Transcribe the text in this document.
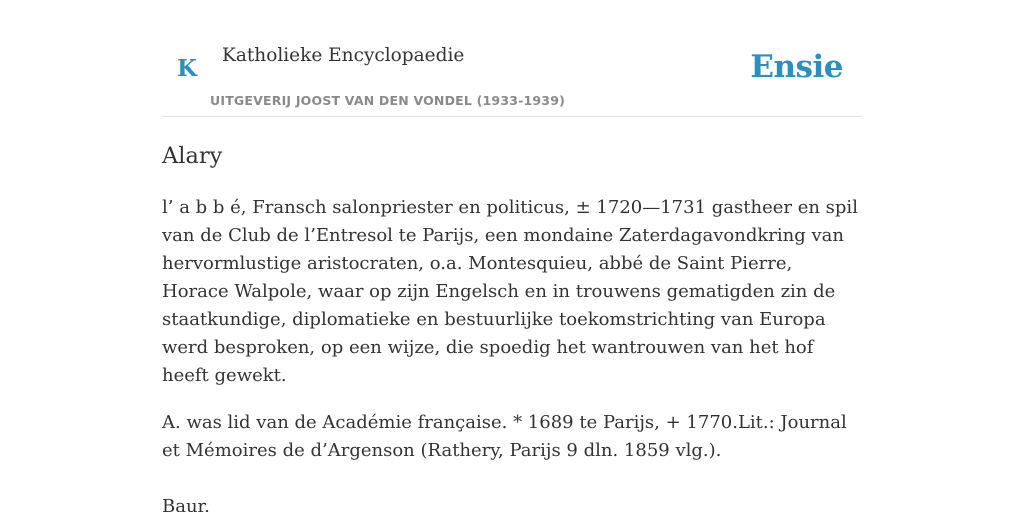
K Katholieke Encyclopaedie
UITGEVERIJ JOOST VAN DEN VONDEL (1933-1939)
Ensie
Alary

l’ a b b é, Fransch salonpriester en politicus, ± 1720—1731 gastheer en spil van de Club de l’Entresol te Parijs, een mondaine Zaterdagavondkring van hervormlustige aristocraten, o.a. Montesquieu, abbé de Saint Pierre, Horace Walpole, waar op zijn Engelsch en in trouwens gematigden zin de staatkundige, diplomatieke en bestuurlijke toekomstrichting van Europa werd besproken, op een wijze, die spoedig het wantrouwen van het hof heeft gewekt.

A. was lid van de Académie française. * 1689 te Parijs, + 1770.Lit.: Journal et Mémoires de d’Argenson (Rathery, Parijs 9 dln. 1859 vlg.).

Baur.
